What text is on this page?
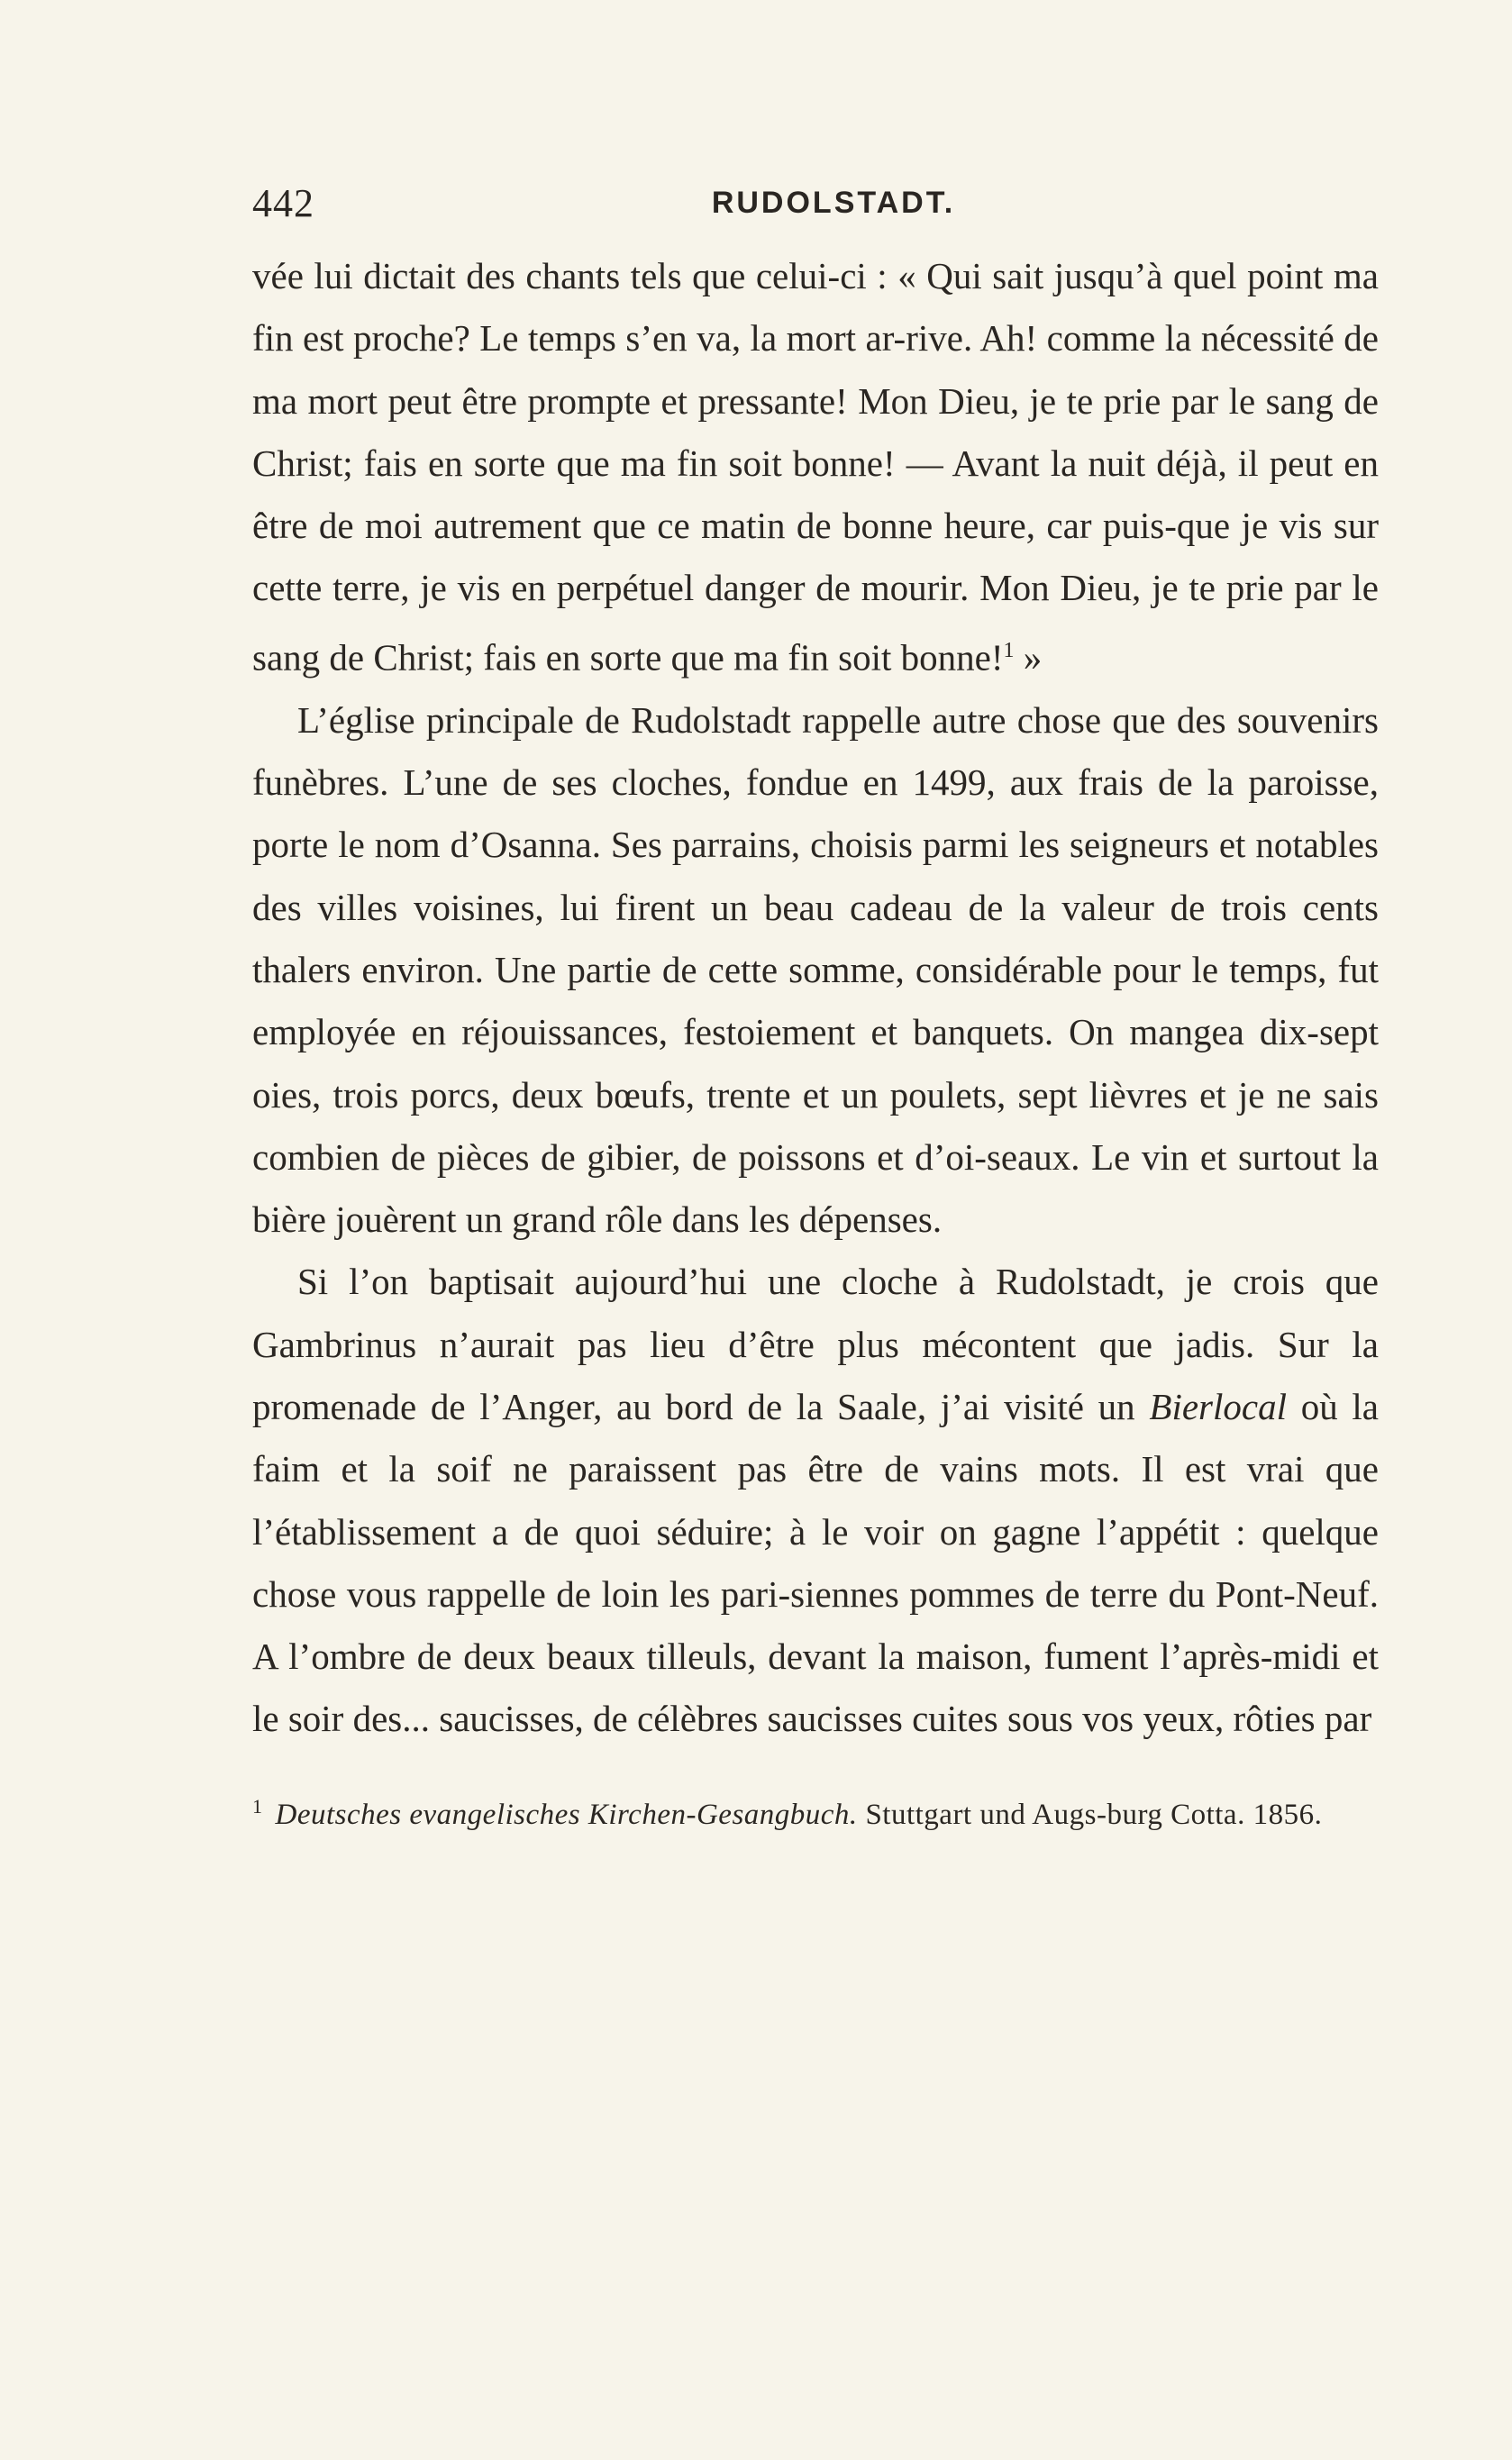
442	RUDOLSTADT.

vée lui dictait des chants tels que celui-ci : « Qui sait jusqu’à quel point ma fin est proche? Le temps s’en va, la mort ar-rive. Ah! comme la nécessité de ma mort peut être prompte et pressante! Mon Dieu, je te prie par le sang de Christ; fais en sorte que ma fin soit bonne! — Avant la nuit déjà, il peut en être de moi autrement que ce matin de bonne heure, car puis-que je vis sur cette terre, je vis en perpétuel danger de mourir. Mon Dieu, je te prie par le sang de Christ; fais en sorte que ma fin soit bonne!$^1$ »

L’église principale de Rudolstadt rappelle autre chose que des souvenirs funèbres. L’une de ses cloches, fondue en 1499, aux frais de la paroisse, porte le nom d’Osanna. Ses parrains, choisis parmi les seigneurs et notables des villes voisines, lui firent un beau cadeau de la valeur de trois cents thalers environ. Une partie de cette somme, considérable pour le temps, fut employée en réjouissances, festoiement et banquets. On mangea dix-sept oies, trois porcs, deux bœufs, trente et un poulets, sept lièvres et je ne sais combien de pièces de gibier, de poissons et d’oi-seaux. Le vin et surtout la bière jouèrent un grand rôle dans les dépenses.

Si l’on baptisait aujourd’hui une cloche à Rudolstadt, je crois que Gambrinus n’aurait pas lieu d’être plus mécontent que jadis. Sur la promenade de l’Anger, au bord de la Saale, j’ai visité un Bierlocal où la faim et la soif ne paraissent pas être de vains mots. Il est vrai que l’établissement a de quoi séduire; à le voir on gagne l’appétit : quelque chose vous rappelle de loin les pari-siennes pommes de terre du Pont-Neuf. A l’ombre de deux beaux tilleuls, devant la maison, fument l’après-midi et le soir des... saucisses, de célèbres saucisses cuites sous vos yeux, rôties par

$^1$ Deutsches evangelisches Kirchen-Gesangbuch. Stuttgart und Augs-burg Cotta. 1856.
